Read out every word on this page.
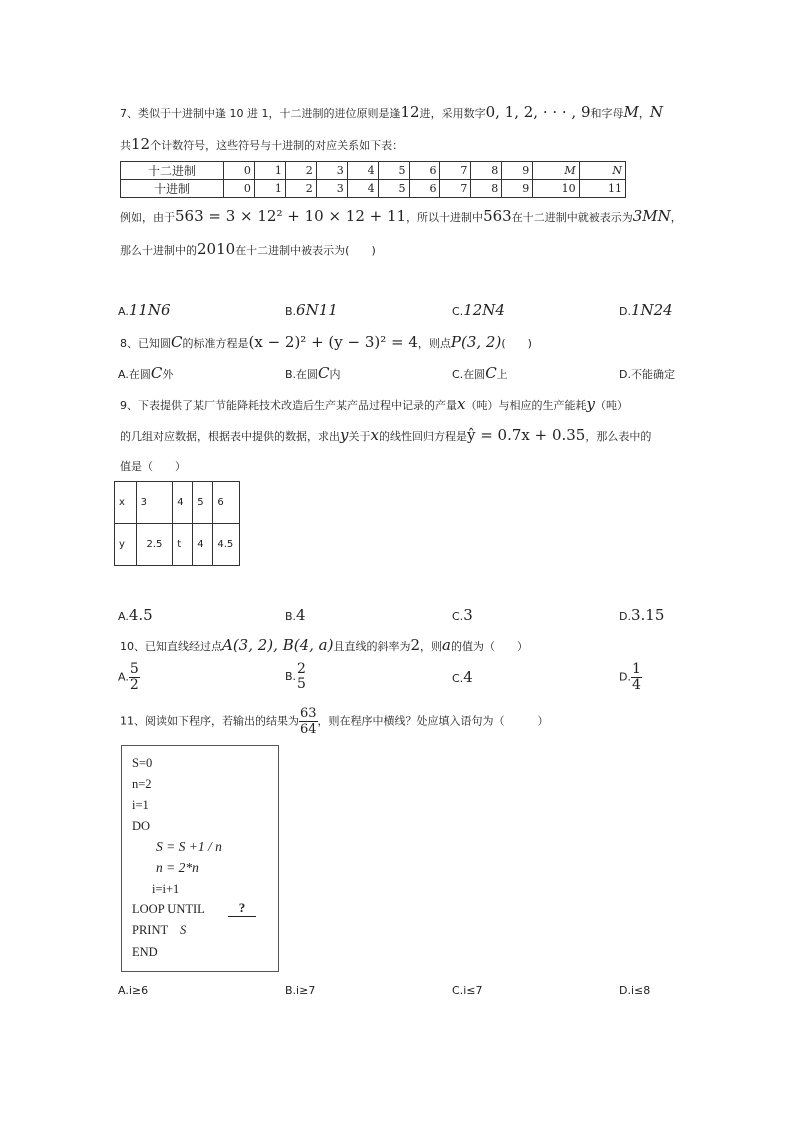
7、类似于十进制中逢 10 进 1，十二进制的进位原则是逢12进，采用数字0, 1, 2, · · · , 9和字母M，N
共12个计数符号，这些符号与十进制的对应关系如下表：
十二进制	0	1	2	3	4	5	6	7	8	9	M	N
十进制	0	1	2	3	4	5	6	7	8	9	10	11
例如，由于563 = 3 × 12² + 10 × 12 + 11，所以十进制中563在十二进制中就被表示为3MN，
那么十进制中的2010在十二进制中被表示为(　　)
A.11N6	B.6N11	C.12N4	D.1N24
8、已知圆C的标准方程是(x − 2)² + (y − 3)² = 4，则点P(3, 2)(　　)
A.在圆C外	B.在圆C内	C.在圆C上	D.不能确定
9、下表提供了某厂节能降耗技术改造后生产某产品过程中记录的产量x（吨）与相应的生产能耗y（吨）
的几组对应数据，根据表中提供的数据，求出y关于x的线性回归方程是ŷ = 0.7x + 0.35，那么表中的
值是（　　）
x	3	4	5	6
y	2.5	t	4	4.5
A.4.5	B.4	C.3	D.3.15
10、已知直线经过点A(3, 2), B(4, a)且直线的斜率为2，则a的值为（　　）
A. $\frac{5}{2}$	B. 2
5	C.4	D. $\frac{1}{4}$
11、阅读如下程序，若输出的结果为 $\frac{63}{64}$ ，则在程序中横线？处应填入语句为（　　　）
S=0
n=2
i=1
DO
S = S +1 / n
n = 2*n
i=i+1
LOOP UNTIL	?
PRINT S
END
A.i≥6	B.i≥7	C.i≤7	D.i≤8
